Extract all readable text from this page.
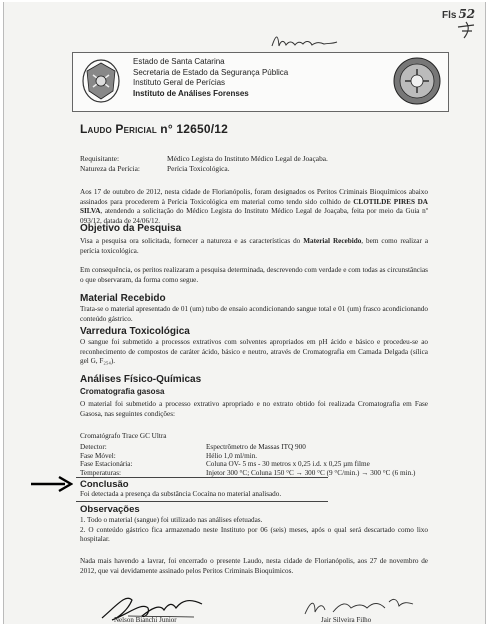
Fls 52
Estado de Santa Catarina
Secretaria de Estado da Segurança Pública
Instituto Geral de Perícias
Instituto de Análises Forenses
Laudo Pericial n° 12650/12
Requisitante:	Médico Legista do Instituto Médico Legal de Joaçaba.
Natureza da Perícia:	Perícia Toxicológica.
Aos 17 de outubro de 2012, nesta cidade de Florianópolis, foram designados os Peritos Criminais Bioquímicos abaixo assinados para procederem à Perícia Toxicológica em material como tendo sido colhido de CLOTILDE PIRES DA SILVA, atendendo a solicitação do Médico Legista do Instituto Médico Legal de Joaçaba, feita por meio da Guia nº 093/12, datada de 24/06/12.
Objetivo da Pesquisa
Visa a pesquisa ora solicitada, fornecer a natureza e as características do Material Recebido, bem como realizar a perícia toxicológica.
Em consequência, os peritos realizaram a pesquisa determinada, descrevendo com verdade e com todas as circunstâncias o que observaram, da forma como segue.
Material Recebido
Trata-se o material apresentado de 01 (um) tubo de ensaio acondicionando sangue total e 01 (um) frasco acondicionando conteúdo gástrico.
Varredura Toxicológica
O sangue foi submetido a processos extrativos com solventes apropriados em pH ácido e básico e procedeu-se ao reconhecimento de compostos de caráter ácido, básico e neutro, através de Cromatografia em Camada Delgada (sílica gel G, F₂₅₄).
Análises Físico-Químicas
Cromatografia gasosa
O material foi submetido a processo extrativo apropriado e no extrato obtido foi realizada Cromatografia em Fase Gasosa, nas seguintes condições:
Cromatógrafo Trace GC Ultra
Detector:	Espectrômetro de Massas ITQ 900
Fase Móvel:	Hélio 1,0 ml/min.
Fase Estacionária:	Coluna OV- 5 ms - 30 metros x 0,25 i.d. x 0,25 µm filme
Temperaturas:	Injetor 300 °C; Coluna 150 °C → 300 °C (9 °C/min.) → 300 °C (6 min.)
Conclusão
Foi detectada a presença da substância Cocaína no material analisado.
Observações
1. Todo o material (sangue) foi utilizado nas análises efetuadas.
2. O conteúdo gástrico fica armazenado neste Instituto por 06 (seis) meses, após o qual será descartado como lixo hospitalar.
Nada mais havendo a lavrar, foi encerrado o presente Laudo, nesta cidade de Florianópolis, aos 27 de novembro de 2012, que vai devidamente assinado pelos Peritos Criminais Bioquímicos.
Nelson Bianchi Junior	Jair Silveira Filho
